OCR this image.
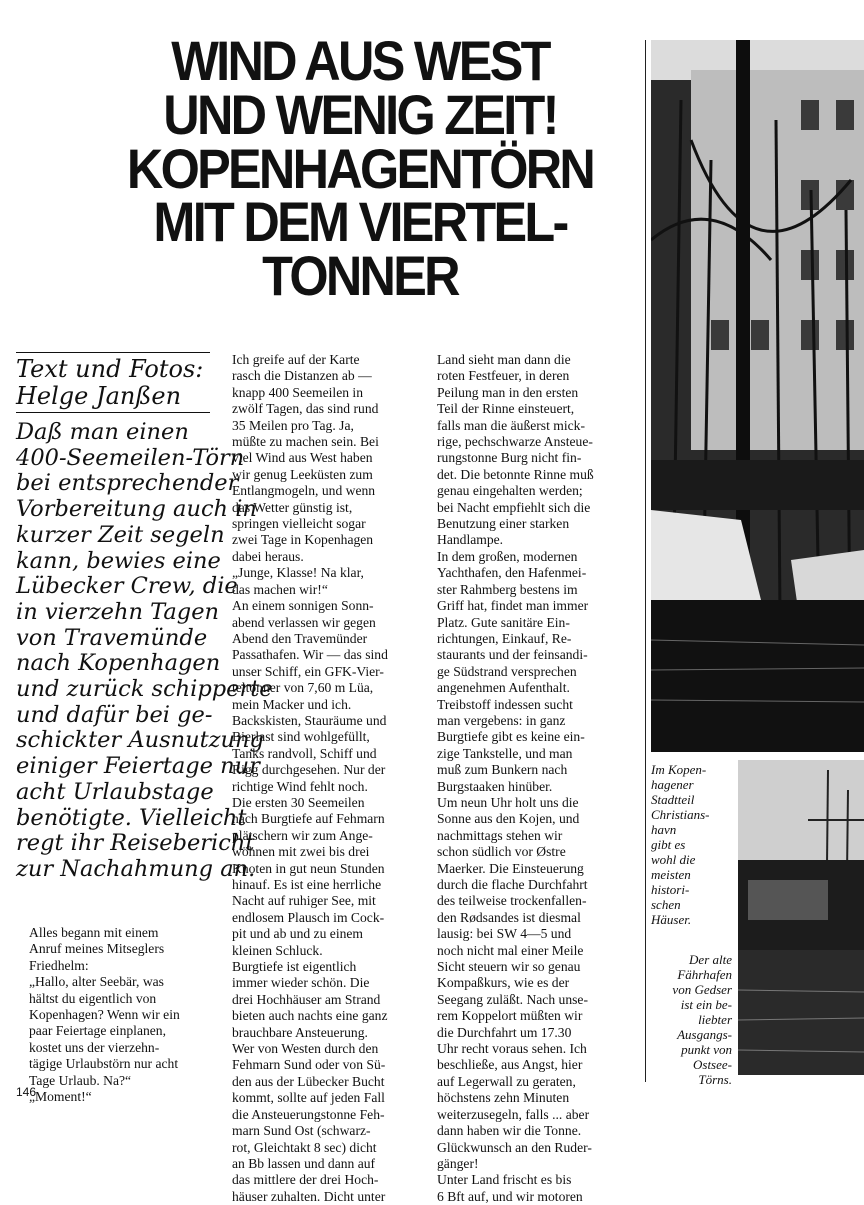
WIND AUS WEST
UND WENIG ZEIT!
KOPENHAGENTÖRN
MIT DEM VIERTEL-
TONNER
Text und Fotos:
Helge Janßen
Daß man einen
400-Seemeilen-Törn
bei entsprechender
Vorbereitung auch in
kurzer Zeit segeln
kann, bewies eine
Lübecker Crew, die
in vierzehn Tagen
von Travemünde
nach Kopenhagen
und zurück schipperte
und dafür bei ge-
schickter Ausnutzung
einiger Feiertage nur
acht Urlaubstage
benötigte. Vielleicht
regt ihr Reisebericht
zur Nachahmung an.
Alles begann mit einem
Anruf meines Mitseglers
Friedhelm:
„Hallo, alter Seebär, was
hältst du eigentlich von
Kopenhagen? Wenn wir ein
paar Feiertage einplanen,
kostet uns der vierzehn-
tägige Urlaubstörn nur acht
Tage Urlaub. Na?“
„Moment!“
Ich greife auf der Karte
rasch die Distanzen ab —
knapp 400 Seemeilen in
zwölf Tagen, das sind rund
35 Meilen pro Tag. Ja,
müßte zu machen sein. Bei
viel Wind aus West haben
wir genug Leeküsten zum
Entlangmogeln, und wenn
das Wetter günstig ist,
springen vielleicht sogar
zwei Tage in Kopenhagen
dabei heraus.
„Junge, Klasse! Na klar,
das machen wir!“
An einem sonnigen Sonn-
abend verlassen wir gegen
Abend den Travemünder
Passathafen. Wir — das sind
unser Schiff, ein GFK-Vier-
teltonner von 7,60 m Lüa,
mein Macker und ich.
Backskisten, Stauräume und
Bierlast sind wohlgefüllt,
Tanks randvoll, Schiff und
Rigg durchgesehen. Nur der
richtige Wind fehlt noch.
Die ersten 30 Seemeilen
nach Burgtiefe auf Fehmarn
plätschern wir zum Ange-
wöhnen mit zwei bis drei
Knoten in gut neun Stunden
hinauf. Es ist eine herrliche
Nacht auf ruhiger See, mit
endlosem Plausch im Cock-
pit und ab und zu einem
kleinen Schluck.
Burgtiefe ist eigentlich
immer wieder schön. Die
drei Hochhäuser am Strand
bieten auch nachts eine ganz
brauchbare Ansteuerung.
Wer von Westen durch den
Fehmarn Sund oder von Sü-
den aus der Lübecker Bucht
kommt, sollte auf jeden Fall
die Ansteuerungstonne Feh-
marn Sund Ost (schwarz-
rot, Gleichtakt 8 sec) dicht
an Bb lassen und dann auf
das mittlere der drei Hoch-
häuser zuhalten. Dicht unter
Land sieht man dann die
roten Festfeuer, in deren
Peilung man in den ersten
Teil der Rinne einsteuert,
falls man die äußerst mick-
rige, pechschwarze Ansteue-
rungstonne Burg nicht fin-
det. Die betonnte Rinne muß
genau eingehalten werden;
bei Nacht empfiehlt sich die
Benutzung einer starken
Handlampe.
In dem großen, modernen
Yachthafen, den Hafenmei-
ster Rahmberg bestens im
Griff hat, findet man immer
Platz. Gute sanitäre Ein-
richtungen, Einkauf, Re-
staurants und der feinsandi-
ge Südstrand versprechen
angenehmen Aufenthalt.
Treibstoff indessen sucht
man vergebens: in ganz
Burgtiefe gibt es keine ein-
zige Tankstelle, und man
muß zum Bunkern nach
Burgstaaken hinüber.
Um neun Uhr holt uns die
Sonne aus den Kojen, und
nachmittags stehen wir
schon südlich vor Østre
Maerker. Die Einsteuerung
durch die flache Durchfahrt
des teilweise trockenfallen-
den Rødsandes ist diesmal
lausig: bei SW 4—5 und
noch nicht mal einer Meile
Sicht steuern wir so genau
Kompaßkurs, wie es der
Seegang zuläßt. Nach unse-
rem Koppelort müßten wir
die Durchfahrt um 17.30
Uhr recht voraus sehen. Ich
beschließe, aus Angst, hier
auf Legerwall zu geraten,
höchstens zehn Minuten
weiterzusegeln, falls ... aber
dann haben wir die Tonne.
Glückwunsch an den Ruder-
gänger!
Unter Land frischt es bis
6 Bft auf, und wir motoren
Im Kopen-
hagener
Stadtteil
Christians-
havn
gibt es
wohl die
meisten
histori-
schen
Häuser.
Der alte
Fährhafen
von Gedser
ist ein be-
liebter
Ausgangs-
punkt von
Ostsee-
Törns.
146
